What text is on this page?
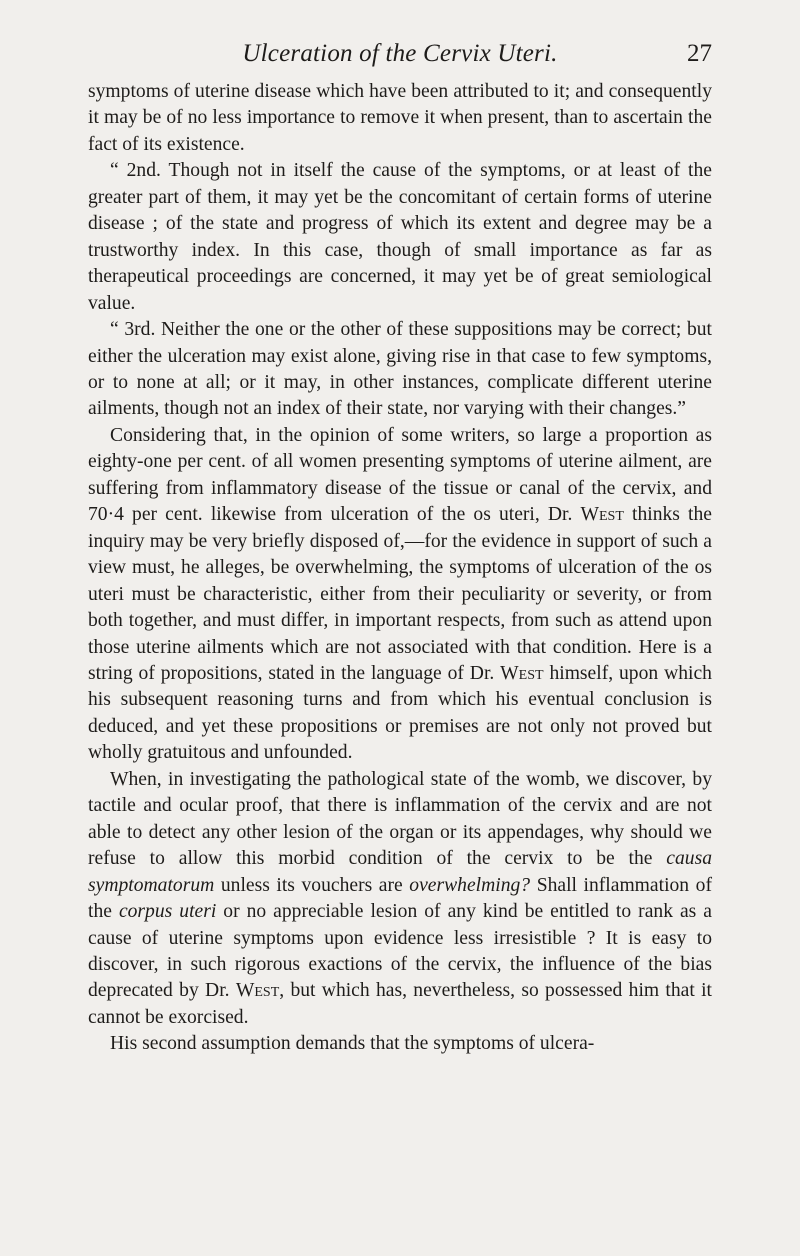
Ulceration of the Cervix Uteri.	27

symptoms of uterine disease which have been attributed to it; and consequently it may be of no less importance to remove it when present, than to ascertain the fact of its existence.

“ 2nd. Though not in itself the cause of the symptoms, or at least of the greater part of them, it may yet be the concomitant of certain forms of uterine disease ; of the state and progress of which its extent and degree may be a trustworthy index. In this case, though of small importance as far as therapeutical proceedings are concerned, it may yet be of great semiological value.

“ 3rd. Neither the one or the other of these suppositions may be correct; but either the ulceration may exist alone, giving rise in that case to few symptoms, or to none at all; or it may, in other instances, complicate different uterine ailments, though not an index of their state, nor varying with their changes.”

Considering that, in the opinion of some writers, so large a proportion as eighty-one per cent. of all women presenting symptoms of uterine ailment, are suffering from inflammatory disease of the tissue or canal of the cervix, and 70·4 per cent. likewise from ulceration of the os uteri, Dr. West thinks the inquiry may be very briefly disposed of,—for the evidence in support of such a view must, he alleges, be overwhelming, the symptoms of ulceration of the os uteri must be characteristic, either from their peculiarity or severity, or from both together, and must differ, in important respects, from such as attend upon those uterine ailments which are not associated with that condition. Here is a string of propositions, stated in the language of Dr. West himself, upon which his subsequent reasoning turns and from which his eventual conclusion is deduced, and yet these propositions or premises are not only not proved but wholly gratuitous and unfounded.

When, in investigating the pathological state of the womb, we discover, by tactile and ocular proof, that there is inflammation of the cervix and are not able to detect any other lesion of the organ or its appendages, why should we refuse to allow this morbid condition of the cervix to be the causa symptomatorum unless its vouchers are overwhelming? Shall inflammation of the corpus uteri or no appreciable lesion of any kind be entitled to rank as a cause of uterine symptoms upon evidence less irresistible ? It is easy to discover, in such rigorous exactions of the cervix, the influence of the bias deprecated by Dr. West, but which has, nevertheless, so possessed him that it cannot be exorcised.

His second assumption demands that the symptoms of ulcera-
